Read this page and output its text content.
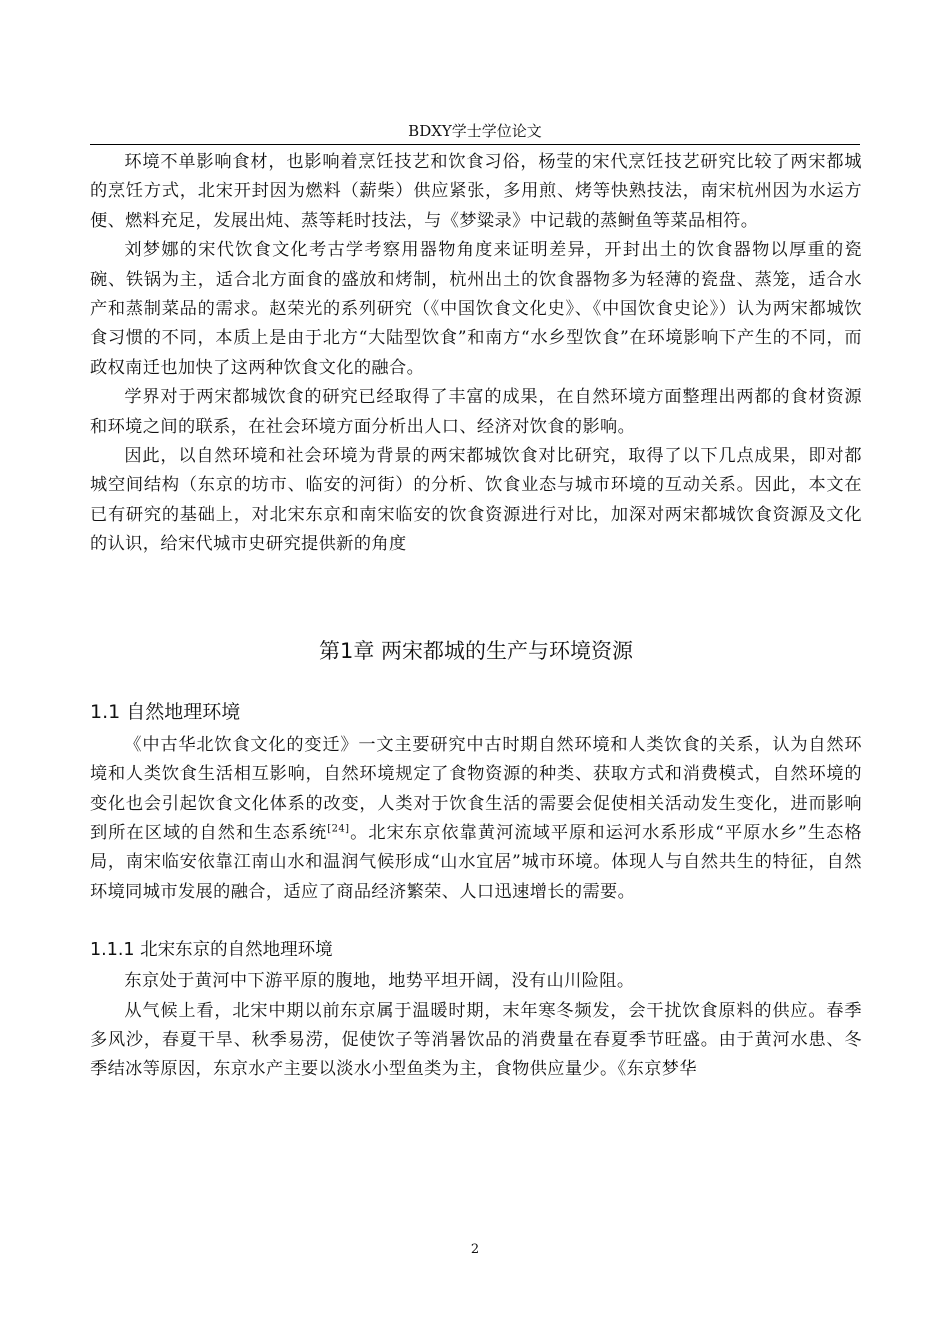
BDXY学士学位论文

环境不单影响食材，也影响着烹饪技艺和饮食习俗，杨莹的宋代烹饪技艺研究比较了两宋都城的烹饪方式，北宋开封因为燃料（薪柴）供应紧张，多用煎、烤等快熟技法，南宋杭州因为水运方便、燃料充足，发展出炖、蒸等耗时技法，与《梦粱录》中记载的蒸鲥鱼等菜品相符。

刘梦娜的宋代饮食文化考古学考察用器物角度来证明差异，开封出土的饮食器物以厚重的瓷碗、铁锅为主，适合北方面食的盛放和烤制，杭州出土的饮食器物多为轻薄的瓷盘、蒸笼，适合水产和蒸制菜品的需求。赵荣光的系列研究（《中国饮食文化史》、《中国饮食史论》）认为两宋都城饮食习惯的不同，本质上是由于北方“大陆型饮食”和南方“水乡型饮食”在环境影响下产生的不同，而政权南迁也加快了这两种饮食文化的融合。

学界对于两宋都城饮食的研究已经取得了丰富的成果，在自然环境方面整理出两都的食材资源和环境之间的联系，在社会环境方面分析出人口、经济对饮食的影响。

因此，以自然环境和社会环境为背景的两宋都城饮食对比研究，取得了以下几点成果，即对都城空间结构（东京的坊市、临安的河街）的分析、饮食业态与城市环境的互动关系。因此，本文在已有研究的基础上，对北宋东京和南宋临安的饮食资源进行对比，加深对两宋都城饮食资源及文化的认识，给宋代城市史研究提供新的角度

第1章 两宋都城的生产与环境资源
1.1 自然地理环境

《中古华北饮食文化的变迁》一文主要研究中古时期自然环境和人类饮食的关系，认为自然环境和人类饮食生活相互影响，自然环境规定了食物资源的种类、获取方式和消费模式，自然环境的变化也会引起饮食文化体系的改变，人类对于饮食生活的需要会促使相关活动发生变化，进而影响到所在区域的自然和生态系统[24]。北宋东京依靠黄河流域平原和运河水系形成“平原水乡”生态格局，南宋临安依靠江南山水和温润气候形成“山水宜居”城市环境。体现人与自然共生的特征，自然环境同城市发展的融合，适应了商品经济繁荣、人口迅速增长的需要。

1.1.1 北宋东京的自然地理环境

东京处于黄河中下游平原的腹地，地势平坦开阔，没有山川险阻。

从气候上看，北宋中期以前东京属于温暖时期，末年寒冬频发，会干扰饮食原料的供应。春季多风沙，春夏干旱、秋季易涝，促使饮子等消暑饮品的消费量在春夏季节旺盛。由于黄河水患、冬季结冰等原因，东京水产主要以淡水小型鱼类为主，食物供应量少。《东京梦华

2
